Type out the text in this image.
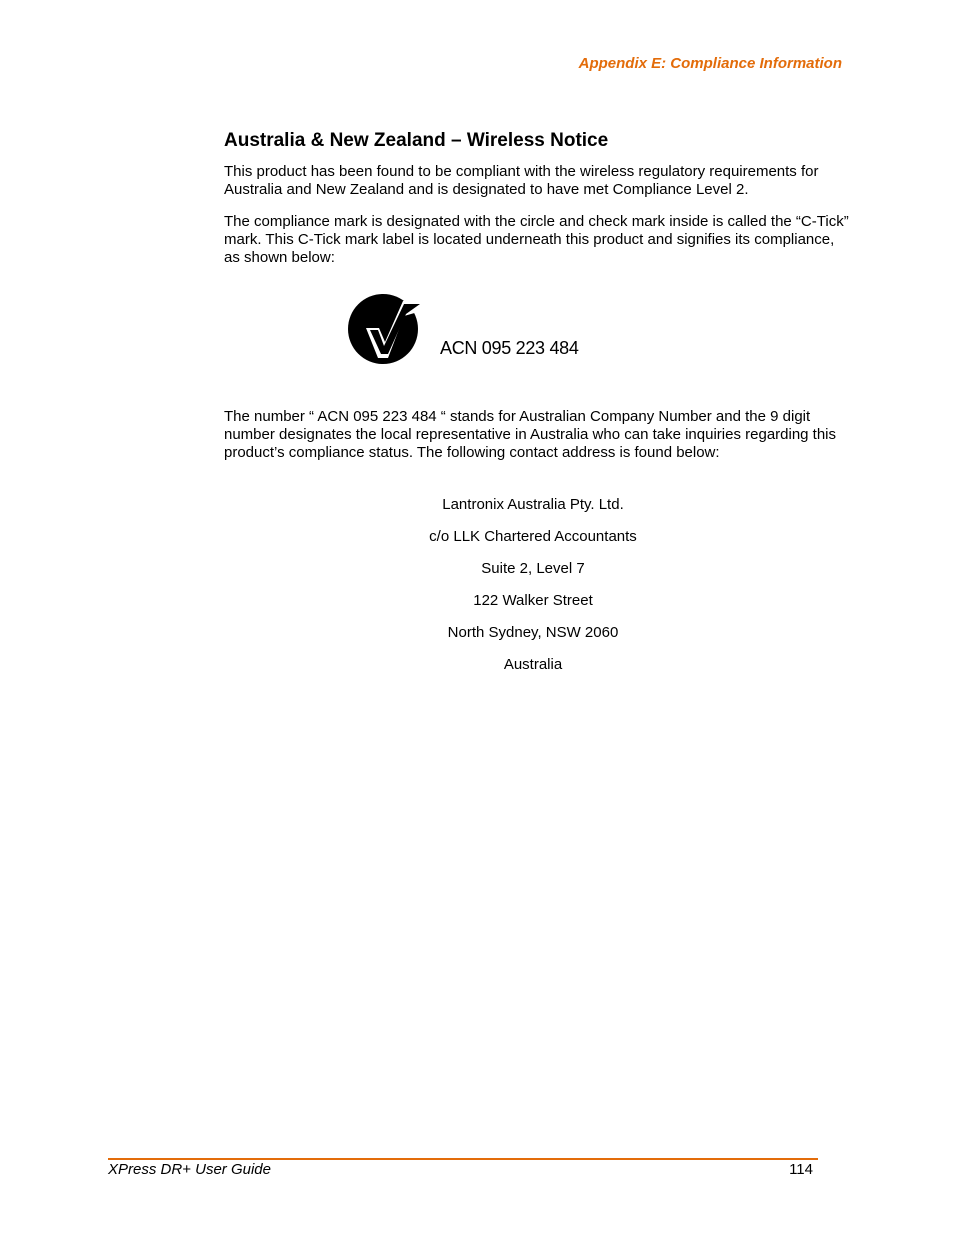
Appendix E: Compliance Information
Australia & New Zealand – Wireless Notice

This product has been found to be compliant with the wireless regulatory requirements for Australia and New Zealand and is designated to have met Compliance Level 2.

The compliance mark is designated with the circle and check mark inside is called the “C-Tick” mark. This C-Tick mark label is located underneath this product and signifies its compliance, as shown below:

ACN 095 223 484

The number “ ACN 095 223 484 “ stands for Australian Company Number and the 9 digit number designates the local representative in Australia who can take inquiries regarding this product’s compliance status. The following contact address is found below:

Lantronix Australia Pty. Ltd.
c/o LLK Chartered Accountants
Suite 2, Level 7
122 Walker Street
North Sydney, NSW 2060
Australia
XPress DR+ User Guide	114
